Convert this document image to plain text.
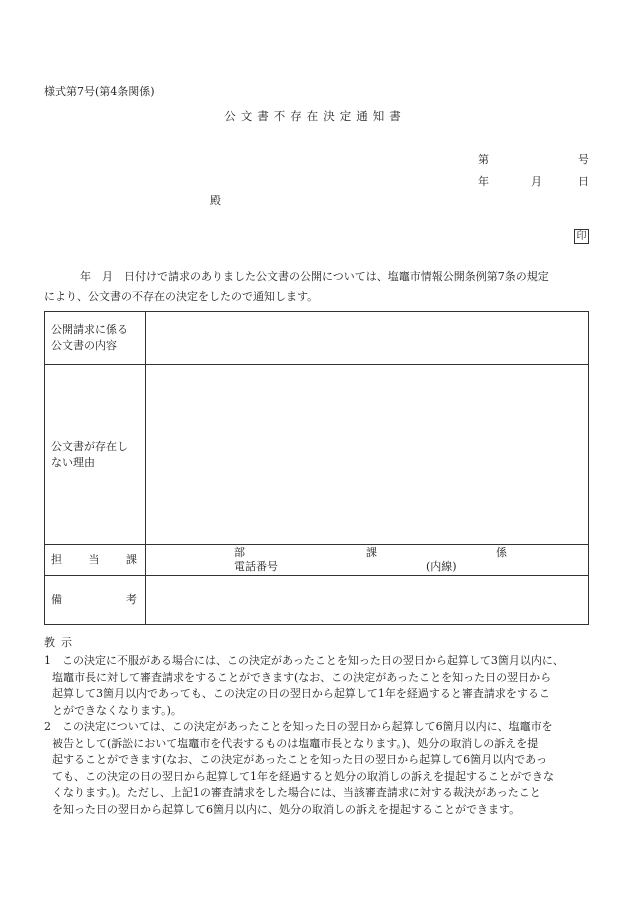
様式第7号(第4条関係)
公文書不存在決定通知書
第	号
年	月	日
殿
印
年　月　日付けで請求のありました公文書の公開については、塩竈市情報公開条例第7条の規定
により、公文書の不存在の決定をしたので通知します。
公開請求に係る
公文書の内容	

公文書が存在し
ない理由	

担 当 課	部 課 係
電話番号 (内線)

備 考	

教示
1　この決定に不服がある場合には、この決定があったことを知った日の翌日から起算して3箇月以内に、
塩竈市長に対して審査請求をすることができます(なお、この決定があったことを知った日の翌日から
起算して3箇月以内であっても、この決定の日の翌日から起算して1年を経過すると審査請求をするこ
とができなくなります。)。
2　この決定については、この決定があったことを知った日の翌日から起算して6箇月以内に、塩竈市を
被告として(訴訟において塩竈市を代表するものは塩竈市長となります。)、処分の取消しの訴えを提
起することができます(なお、この決定があったことを知った日の翌日から起算して6箇月以内であっ
ても、この決定の日の翌日から起算して1年を経過すると処分の取消しの訴えを提起することができな
くなります。)。ただし、上記1の審査請求をした場合には、当該審査請求に対する裁決があったこと
を知った日の翌日から起算して6箇月以内に、処分の取消しの訴えを提起することができます。
